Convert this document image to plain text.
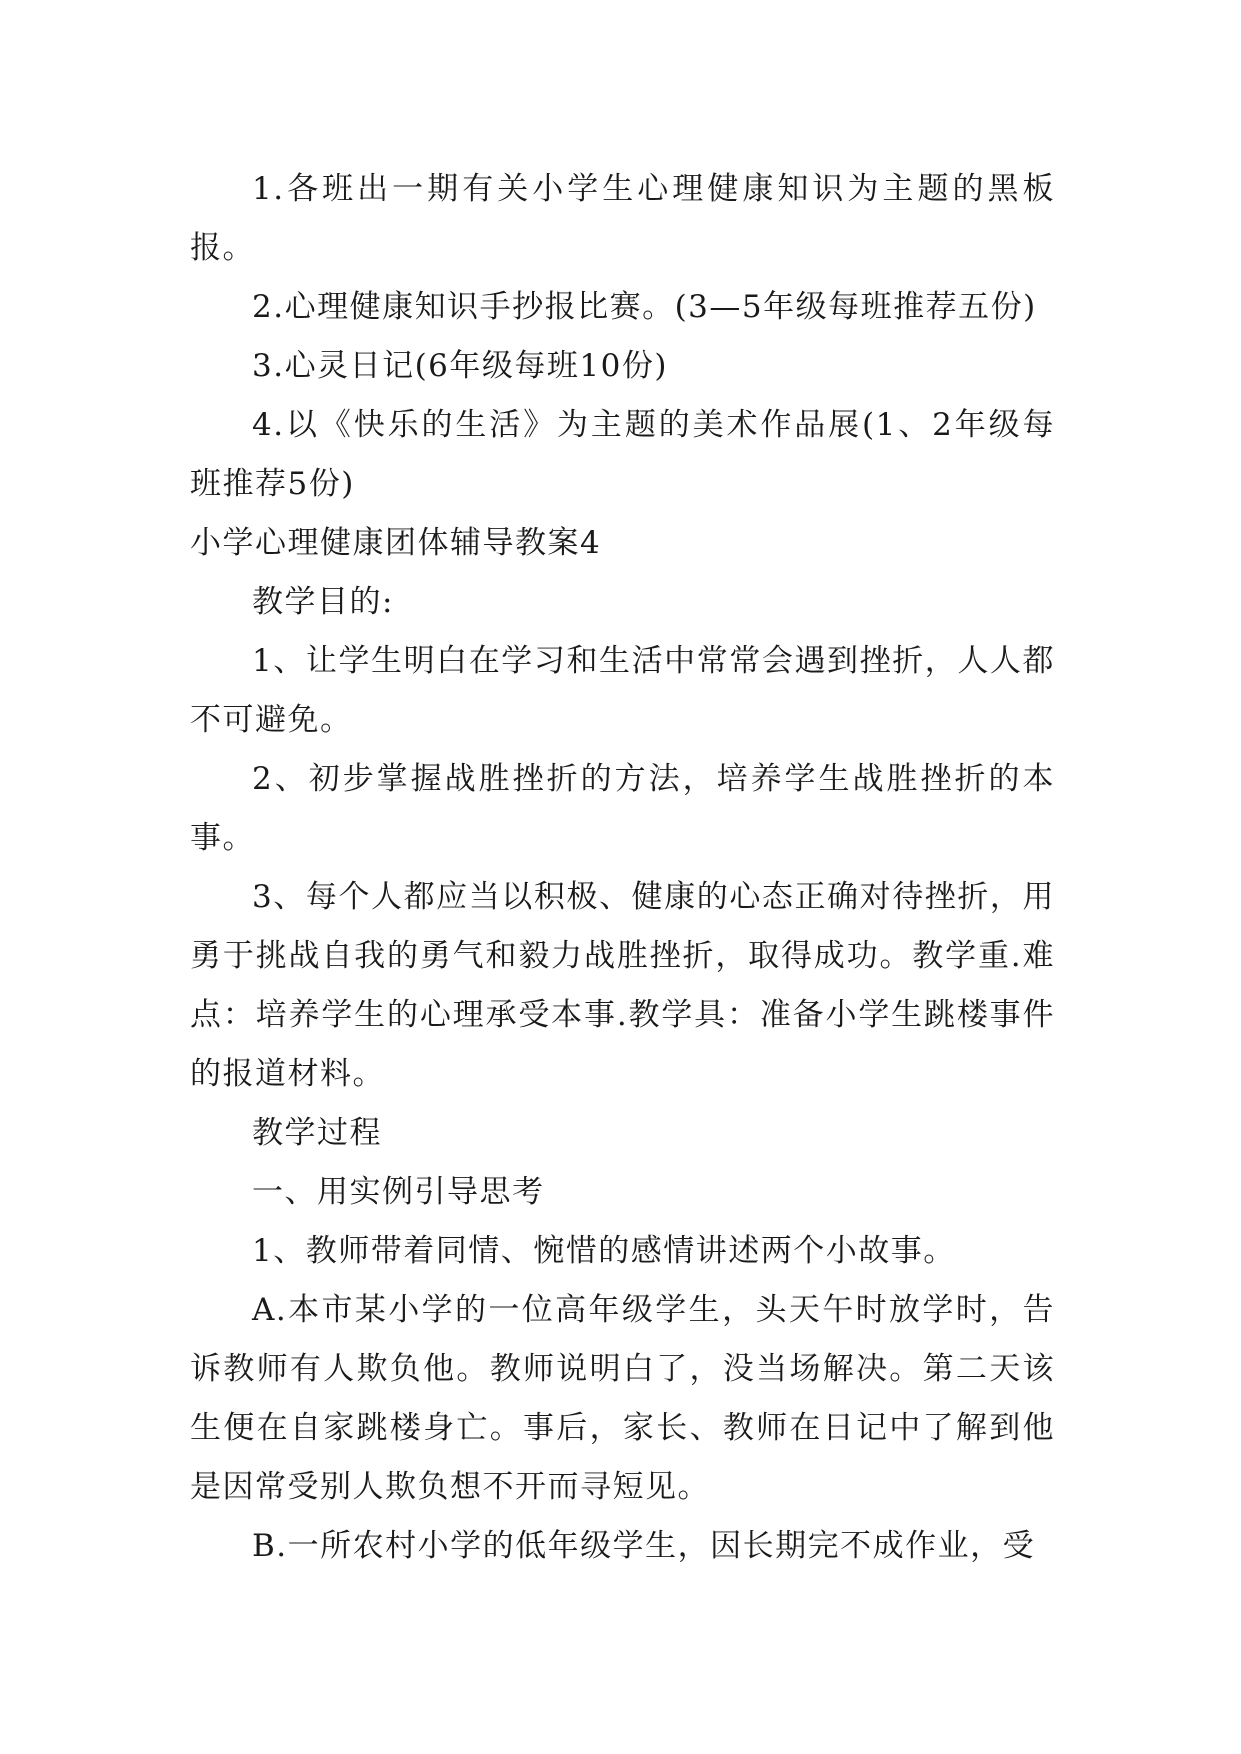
1.各班出一期有关小学生心理健康知识为主题的黑板报。

2.心理健康知识手抄报比赛。(3—5年级每班推荐五份)

3.心灵日记(6年级每班10份)

4.以《快乐的生活》为主题的美术作品展(1、2年级每班推荐5份)

小学心理健康团体辅导教案4

教学目的:

1、让学生明白在学习和生活中常常会遇到挫折，人人都不可避免。

2、初步掌握战胜挫折的方法，培养学生战胜挫折的本事。

3、每个人都应当以积极、健康的心态正确对待挫折，用勇于挑战自我的勇气和毅力战胜挫折，取得成功。教学重.难点：培养学生的心理承受本事.教学具：准备小学生跳楼事件的报道材料。

教学过程

一、用实例引导思考

1、教师带着同情、惋惜的感情讲述两个小故事。

A.本市某小学的一位高年级学生，头天午时放学时，告诉教师有人欺负他。教师说明白了，没当场解决。第二天该生便在自家跳楼身亡。事后，家长、教师在日记中了解到他是因常受别人欺负想不开而寻短见。

B.一所农村小学的低年级学生，因长期完不成作业，受
